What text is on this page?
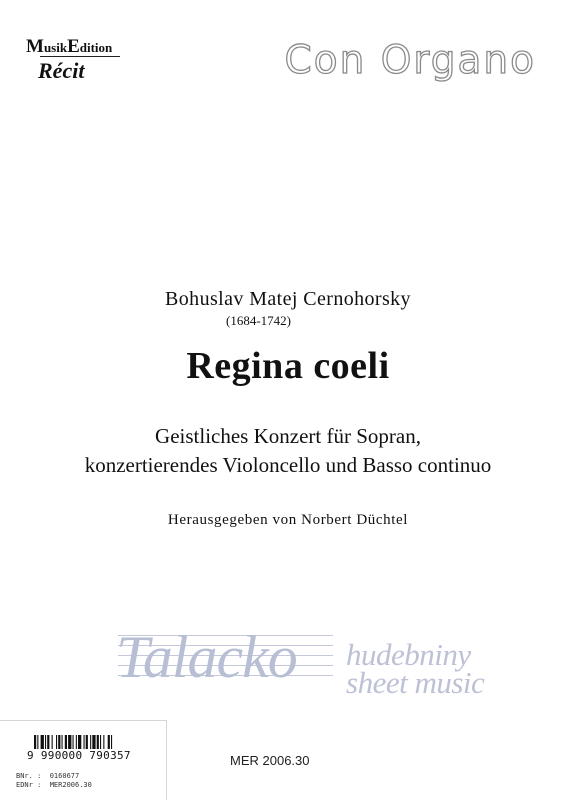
MusikEdition
Récit	Con Organo
Bohuslav Matej Cernohorsky
(1684-1742)
Regina coeli
Geistliches Konzert für Sopran,
konzertierendes Violoncello und Basso continuo
Herausgegeben von Norbert Düchtel
Talacko hudebniny
sheet music
9 990000 790357	MER 2006.30
BNr. :  0160677
EDNr :  MER2006.30
